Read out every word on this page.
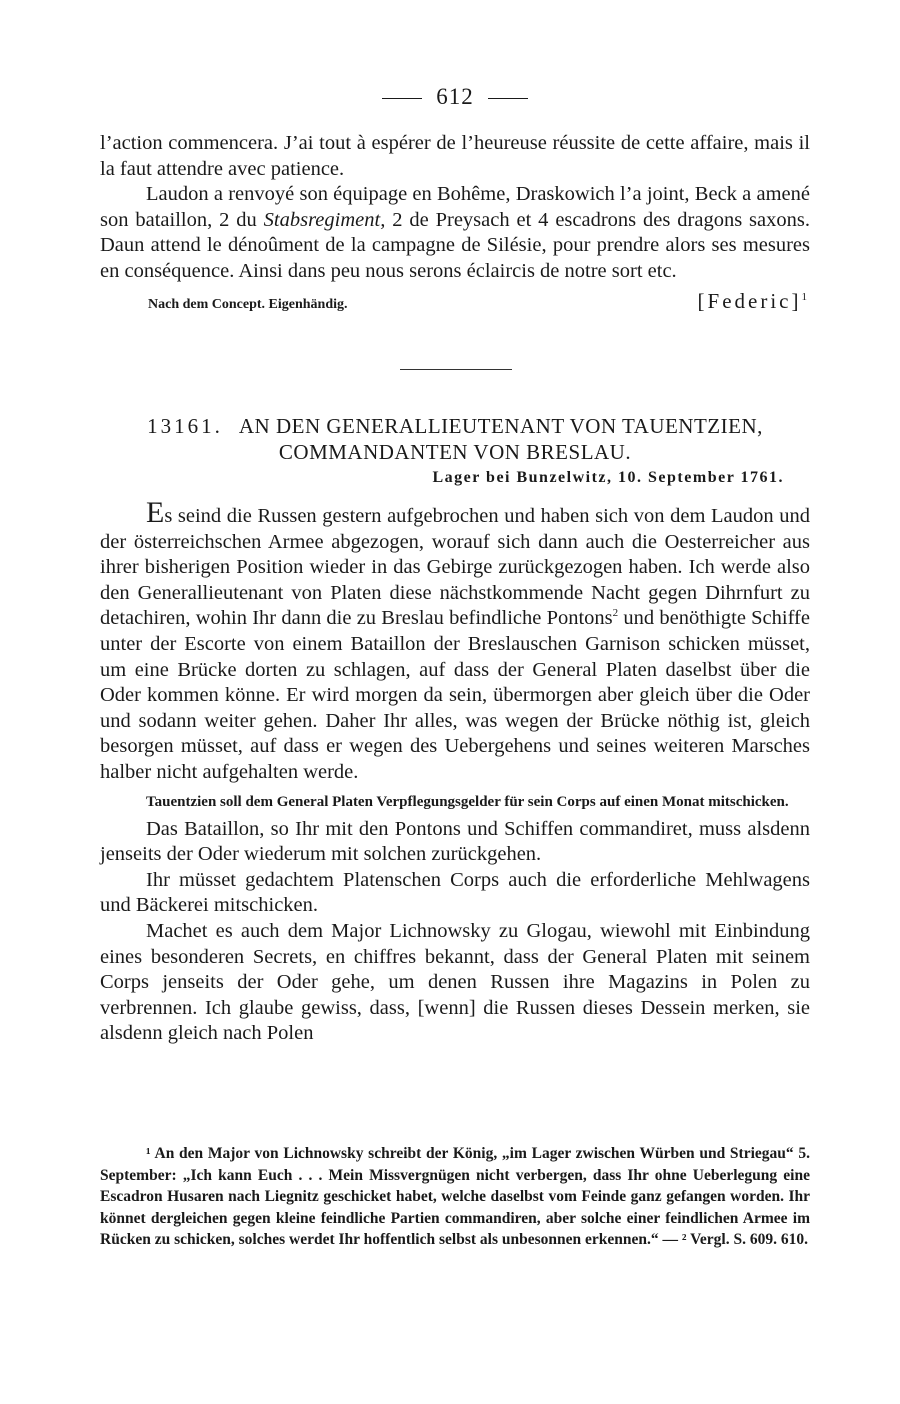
612

l’action commencera. J’ai tout à espérer de l’heureuse réussite de cette affaire, mais il la faut attendre avec patience.

Laudon a renvoyé son équipage en Bohême, Draskowich l’a joint, Beck a amené son bataillon, 2 du Stabsregiment, 2 de Preysach et 4 escadrons des dragons saxons. Daun attend le dénoûment de la campagne de Silésie, pour prendre alors ses mesures en conséquence. Ainsi dans peu nous serons éclaircis de notre sort etc.

Nach dem Concept. Eigenhändig.	[Federic]$^1$
13161. AN DEN GENERALLIEUTENANT VON TAUENTZIEN,
COMMANDANTEN VON BRESLAU.
Lager bei Bunzelwitz, 10. September 1761.

Es seind die Russen gestern aufgebrochen und haben sich von dem Laudon und der österreichschen Armee abgezogen, worauf sich dann auch die Oesterreicher aus ihrer bisherigen Position wieder in das Gebirge zurückgezogen haben. Ich werde also den Generallieutenant von Platen diese nächstkommende Nacht gegen Dihrnfurt zu detachiren, wohin Ihr dann die zu Breslau befindliche Pontons$^2$ und benöthigte Schiffe unter der Escorte von einem Bataillon der Breslauschen Garnison schicken müsset, um eine Brücke dorten zu schlagen, auf dass der General Platen daselbst über die Oder kommen könne. Er wird morgen da sein, übermorgen aber gleich über die Oder und sodann weiter gehen. Daher Ihr alles, was wegen der Brücke nöthig ist, gleich besorgen müsset, auf dass er wegen des Uebergehens und seines weiteren Marsches halber nicht aufgehalten werde.

Tauentzien soll dem General Platen Verpflegungsgelder für sein Corps auf einen Monat mitschicken.

Das Bataillon, so Ihr mit den Pontons und Schiffen commandiret, muss alsdenn jenseits der Oder wiederum mit solchen zurückgehen.

Ihr müsset gedachtem Platenschen Corps auch die erforderliche Mehlwagens und Bäckerei mitschicken.

Machet es auch dem Major Lichnowsky zu Glogau, wiewohl mit Einbindung eines besonderen Secrets, en chiffres bekannt, dass der General Platen mit seinem Corps jenseits der Oder gehe, um denen Russen ihre Magazins in Polen zu verbrennen. Ich glaube gewiss, dass, [wenn] die Russen dieses Dessein merken, sie alsdenn gleich nach Polen

¹ An den Major von Lichnowsky schreibt der König, „im Lager zwischen Würben und Striegau“ 5. September: „Ich kann Euch . . . Mein Missvergnügen nicht verbergen, dass Ihr ohne Ueberlegung eine Escadron Husaren nach Liegnitz geschicket habet, welche daselbst vom Feinde ganz gefangen worden. Ihr könnet dergleichen gegen kleine feindliche Partien commandiren, aber solche einer feindlichen Armee im Rücken zu schicken, solches werdet Ihr hoffentlich selbst als unbesonnen erkennen.“ — ² Vergl. S. 609. 610.
